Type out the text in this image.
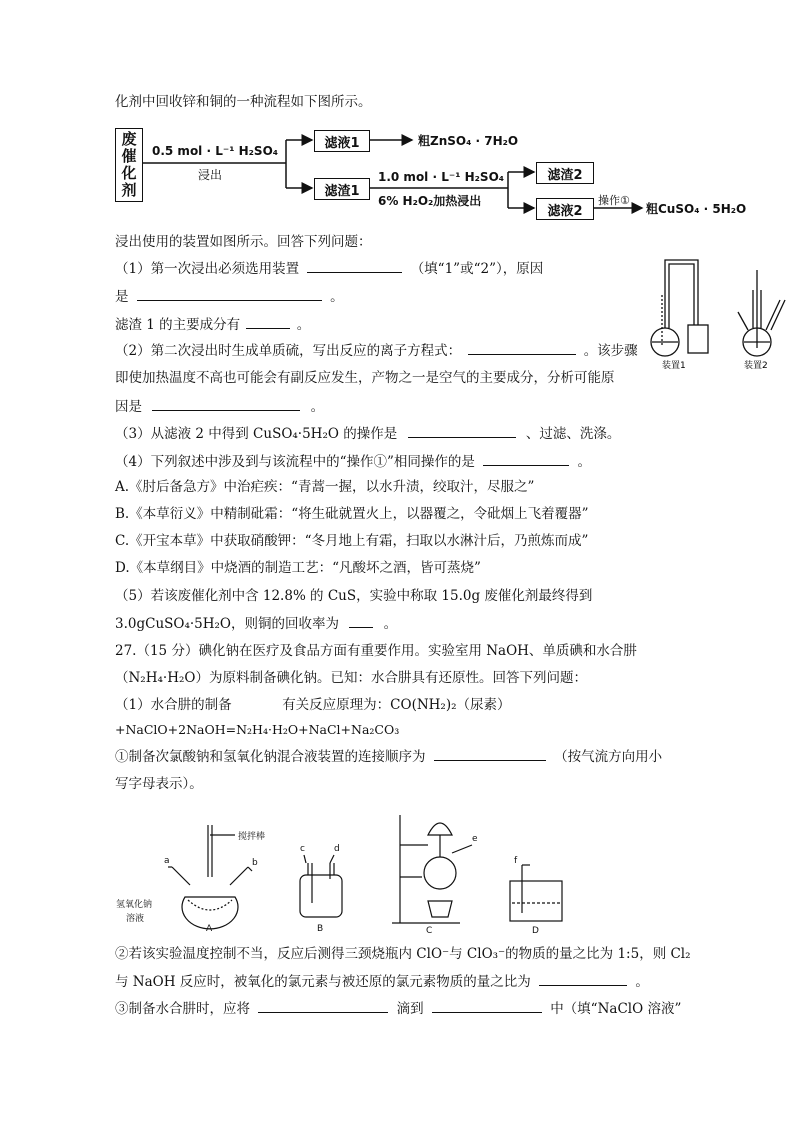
化剂中回收锌和铜的一种流程如下图所示。
废催化剂	0.5 mol · L⁻¹ H₂SO₄
浸出
滤液1	粗ZnSO₄ · 7H₂O
滤渣1
1.0 mol · L⁻¹ H₂SO₄
6% H₂O₂加热浸出
滤渣2
滤液2
操作①
粗CuSO₄ · 5H₂O
装置1	装置2
浸出使用的装置如图所示。回答下列问题：
（1）第一次浸出必须选用装置	（填“1”或“2”），原因
是	。
滤渣 1 的主要成分有	。
（2）第二次浸出时生成单质硫，写出反应的离子方程式：	。该步骤
即使加热温度不高也可能会有副反应发生，产物之一是空气的主要成分，分析可能原
因是	。
（3）从滤液 2 中得到 CuSO₄·5H₂O 的操作是	、过滤、洗涤。
（4）下列叙述中涉及到与该流程中的“操作①”相同操作的是	。
A.《肘后备急方》中治疟疾：“青蒿一握，以水升渍，绞取汁，尽服之”
B.《本草衍义》中精制砒霜：“将生砒就置火上，以器覆之，令砒烟上飞着覆器”
C.《开宝本草》中获取硝酸钾：“冬月地上有霜，扫取以水淋汁后，乃煎炼而成”
D.《本草纲目》中烧酒的制造工艺：“凡酸坏之酒，皆可蒸烧”
（5）若该废催化剂中含 12.8% 的 CuS，实验中称取 15.0g 废催化剂最终得到
3.0gCuSO₄·5H₂O，则铜的回收率为	。
27.（15 分）碘化钠在医疗及食品方面有重要作用。实验室用 NaOH、单质碘和水合肼
（N₂H₄·H₂O）为原料制备碘化钠。已知：水合肼具有还原性。回答下列问题：
（1）水合肼的制备	有关反应原理为：CO(NH₂)₂（尿素）
+NaClO+2NaOH=N₂H₄·H₂O+NaCl+Na₂CO₃
①制备次氯酸钠和氢氧化钠混合液装置的连接顺序为	（按气流方向用小
写字母表示）。
a	b
c	d
e
f
搅拌棒
氢氧化钠
溶液
A	B	C	D
②若该实验温度控制不当，反应后测得三颈烧瓶内 ClO⁻与 ClO₃⁻的物质的量之比为 1:5，则 Cl₂
与 NaOH 反应时，被氧化的氯元素与被还原的氯元素物质的量之比为	。
③制备水合肼时，应将	滴到	中（填“NaClO 溶液”
